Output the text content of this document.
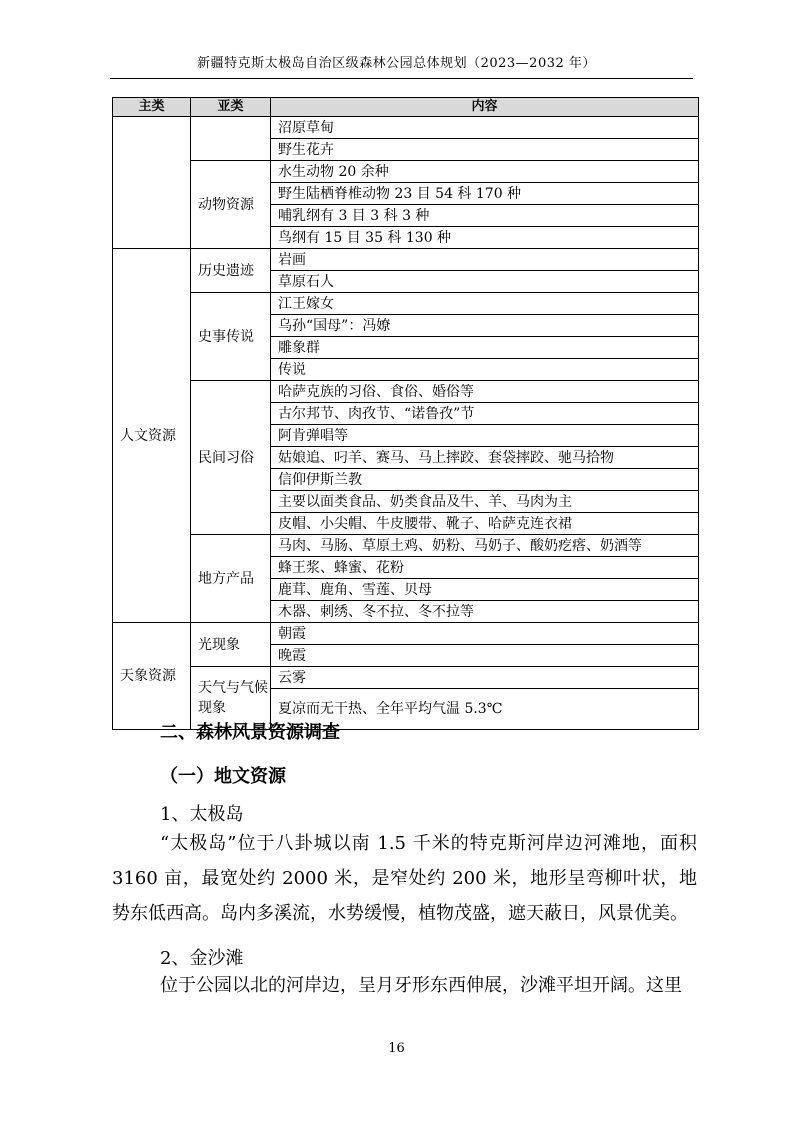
新疆特克斯太极岛自治区级森林公园总体规划（2023—2032 年）
主类	亚类	内容
		沼原草甸
		野生花卉
	动物资源	水生动物 20 余种
		野生陆栖脊椎动物 23 目 54 科 170 种
		哺乳纲有 3 目 3 科 3 种
		鸟纲有 15 目 35 科 130 种
人文资源	历史遗迹	岩画
		草原石人
	史事传说	江王嫁女
		乌孙“国母”：冯嫽
		雕象群
		传说
	民间习俗	哈萨克族的习俗、食俗、婚俗等
		古尔邦节、肉孜节、“诺鲁孜”节
		阿肯弹唱等
		姑娘追、叼羊、赛马、马上摔跤、套袋摔跤、驰马拾物
		信仰伊斯兰教
		主要以面类食品、奶类食品及牛、羊、马肉为主
		皮帽、小尖帽、牛皮腰带、靴子、哈萨克连衣裙
	地方产品	马肉、马肠、草原土鸡、奶粉、马奶子、酸奶疙瘩、奶酒等
		蜂王浆、蜂蜜、花粉
		鹿茸、鹿角、雪莲、贝母
		木器、刺绣、冬不拉、冬不拉等
天象资源	光现象	朝霞
		晚霞
	天气与气候现象	云雾
		夏凉而无干热、全年平均气温 5.3℃
二、森林风景资源调查
（一）地文资源
1、太极岛
“太极岛”位于八卦城以南 1.5 千米的特克斯河岸边河滩地，面积 3160 亩，最宽处约 2000 米，是窄处约 200 米，地形呈弯柳叶状，地势东低西高。岛内多溪流，水势缓慢，植物茂盛，遮天蔽日，风景优美。
2、金沙滩
位于公园以北的河岸边，呈月牙形东西伸展，沙滩平坦开阔。这里
16
